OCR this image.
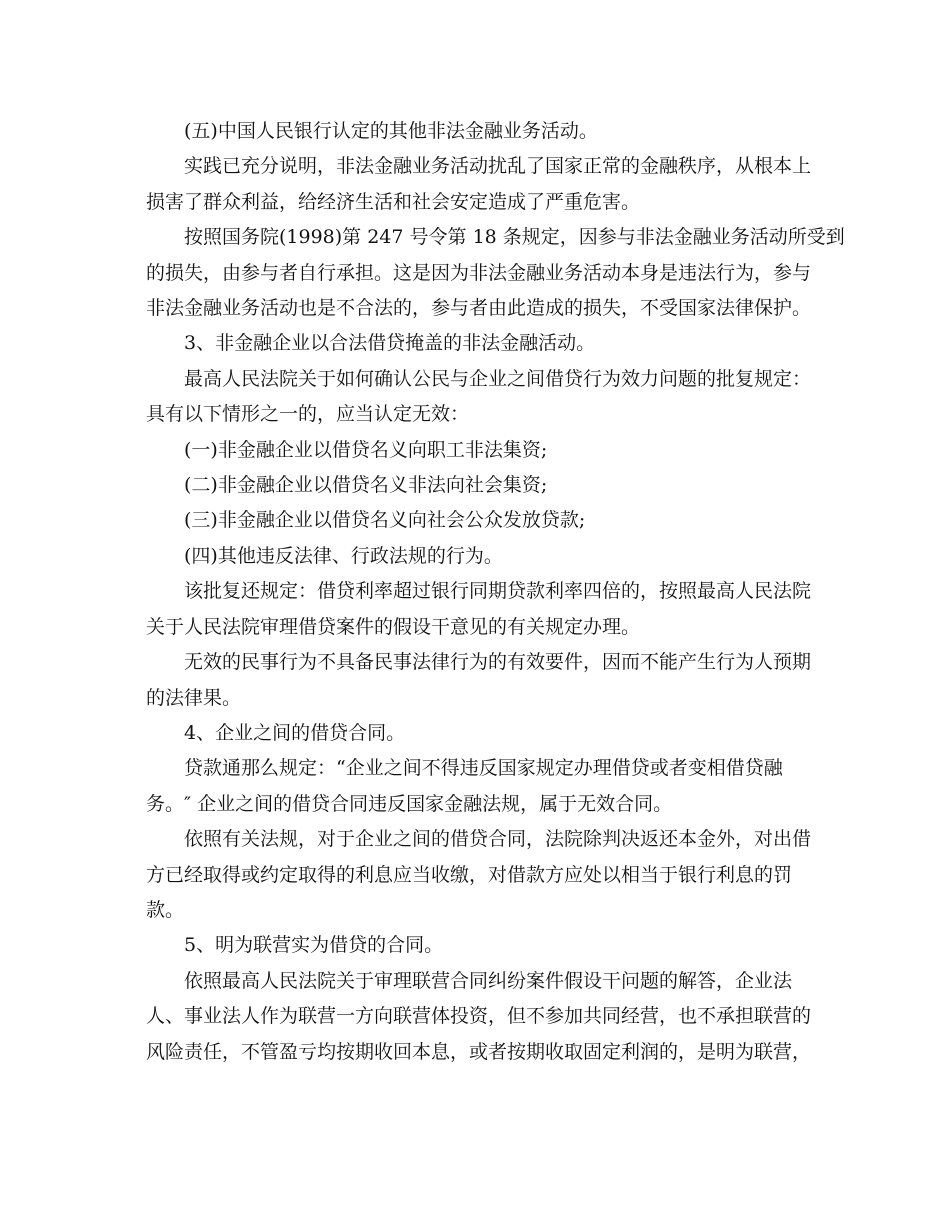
(五)中国人民银行认定的其他非法金融业务活动。

实践已充分说明，非法金融业务活动扰乱了国家正常的金融秩序，从根本上
损害了群众利益，给经济生活和社会安定造成了严重危害。

按照国务院(1998)第 247 号令第 18 条规定，因参与非法金融业务活动所受到
的损失，由参与者自行承担。这是因为非法金融业务活动本身是违法行为，参与
非法金融业务活动也是不合法的，参与者由此造成的损失，不受国家法律保护。

3、非金融企业以合法借贷掩盖的非法金融活动。

最高人民法院关于如何确认公民与企业之间借贷行为效力问题的批复规定：
具有以下情形之一的，应当认定无效：

(一)非金融企业以借贷名义向职工非法集资;

(二)非金融企业以借贷名义非法向社会集资;

(三)非金融企业以借贷名义向社会公众发放贷款;

(四)其他违反法律、行政法规的行为。

该批复还规定：借贷利率超过银行同期贷款利率四倍的，按照最高人民法院
关于人民法院审理借贷案件的假设干意见的有关规定办理。

无效的民事行为不具备民事法律行为的有效要件，因而不能产生行为人预期
的法律果。

4、企业之间的借贷合同。

贷款通那么规定：“企业之间不得违反国家规定办理借贷或者变相借贷融
务。″ 企业之间的借贷合同违反国家金融法规，属于无效合同。

依照有关法规，对于企业之间的借贷合同，法院除判决返还本金外，对出借
方已经取得或约定取得的利息应当收缴，对借款方应处以相当于银行利息的罚
款。

5、明为联营实为借贷的合同。

依照最高人民法院关于审理联营合同纠纷案件假设干问题的解答，企业法
人、事业法人作为联营一方向联营体投资，但不参加共同经营，也不承担联营的
风险责任，不管盈亏均按期收回本息，或者按期收取固定利润的，是明为联营，
